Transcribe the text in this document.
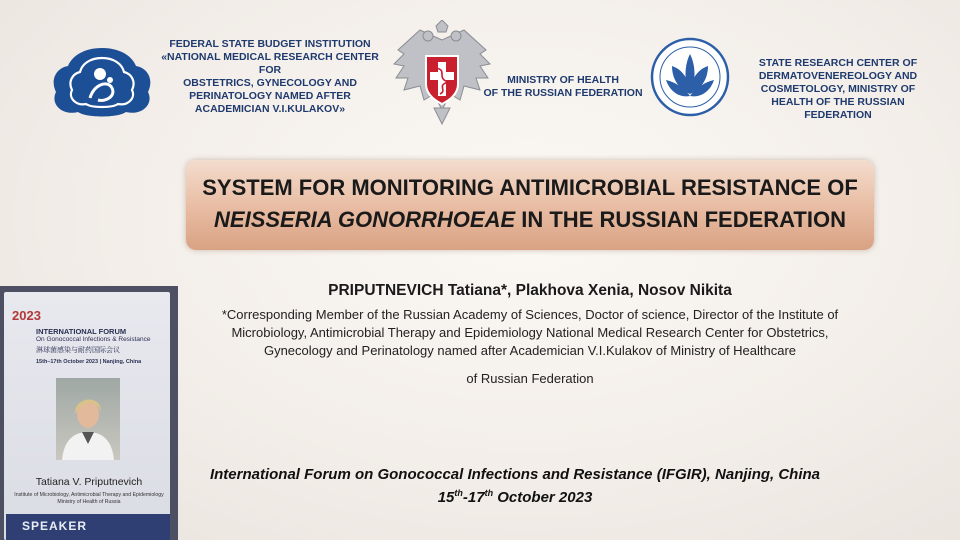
FEDERAL STATE BUDGET INSTITUTION
«NATIONAL MEDICAL RESEARCH CENTER FOR
OBSTETRICS, GYNECOLOGY AND
PERINATOLOGY NAMED AFTER
ACADEMICIAN V.I.KULAKOV»
MINISTRY OF HEALTH
OF THE RUSSIAN FEDERATION
STATE RESEARCH CENTER OF
DERMATOVENEREOLOGY AND
COSMETOLOGY, MINISTRY OF
HEALTH OF THE RUSSIAN FEDERATION
SYSTEM FOR MONITORING ANTIMICROBIAL RESISTANCE OF
NEISSERIA GONORRHOEAE IN THE RUSSIAN FEDERATION
PRIPUTNEVICH Tatiana*, Plakhova Xenia, Nosov Nikita
*Corresponding Member of the Russian Academy of Sciences, Doctor of science, Director of the Institute of
Microbiology, Antimicrobial Therapy and Epidemiology National Medical Research Center for Obstetrics,
Gynecology and Perinatology named after Academician V.I.Kulakov of Ministry of Healthcare
of Russian Federation
International Forum on Gonococcal Infections and Resistance (IFGIR), Nanjing, China
15th-17th October 2023
2023
INTERNATIONAL FORUM
On Gonococcal Infections & Resistance
淋球菌感染与耐药国际会议
15th–17th October 2023 | Nanjing, China
Tatiana V. Priputnevich
Institute of Microbiology, Antimicrobial Therapy and Epidemiology
Ministry of Health of Russia
SPEAKER
